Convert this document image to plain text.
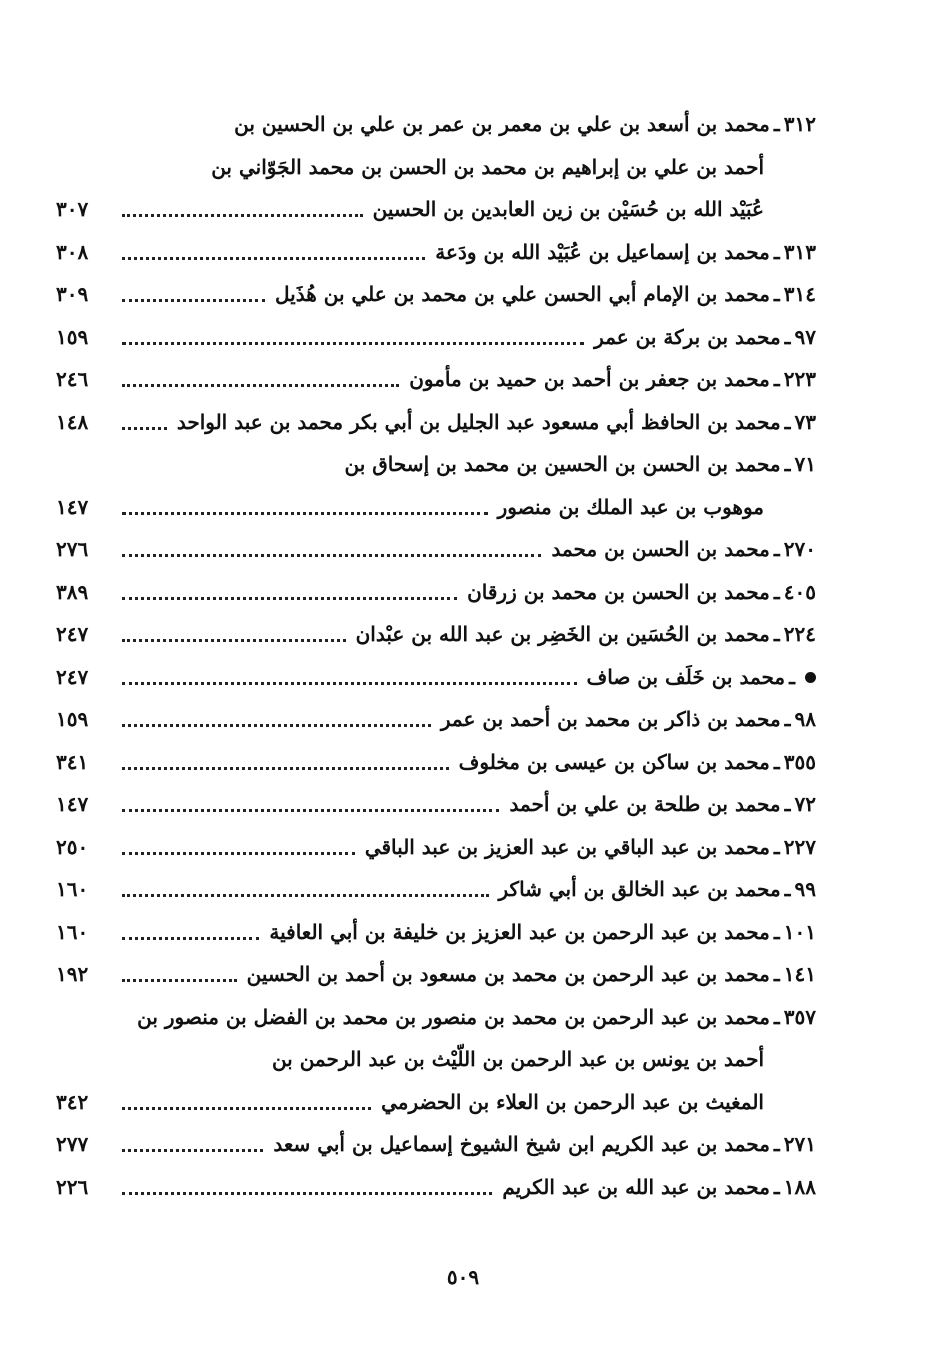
٣١٢
ـ
محمد بن أسعد بن علي بن معمر بن عمر بن علي بن الحسين بن
أحمد بن علي بن إبراهيم بن محمد بن الحسن بن محمد الجَوّاني بن
عُبَيْد الله بن حُسَيْن بن زين العابدين بن الحسين
٣٠٧
٣١٣
ـ
محمد بن إسماعيل بن عُبَيْد الله بن ودَعة
٣٠٨
٣١٤
ـ
محمد بن الإمام أبي الحسن علي بن محمد بن علي بن هُذَيل
٣٠٩
٩٧
ـ
محمد بن بركة بن عمر
١٥٩
٢٢٣
ـ
محمد بن جعفر بن أحمد بن حميد بن مأمون
٢٤٦
٧٣
ـ
محمد بن الحافظ أبي مسعود عبد الجليل بن أبي بكر محمد بن عبد الواحد
١٤٨
٧١
ـ
محمد بن الحسن بن الحسين بن محمد بن إسحاق بن
موهوب بن عبد الملك بن منصور
١٤٧
٢٧٠
ـ
محمد بن الحسن بن محمد
٢٧٦
٤٠٥
ـ
محمد بن الحسن بن محمد بن زرقان
٣٨٩
٢٢٤
ـ
محمد بن الحُسَين بن الخَضِر بن عبد الله بن عبْدان
٢٤٧
ـ
محمد بن خَلَف بن صاف
٢٤٧
٩٨
ـ
محمد بن ذاكر بن محمد بن أحمد بن عمر
١٥٩
٣٥٥
ـ
محمد بن ساكن بن عيسى بن مخلوف
٣٤١
٧٢
ـ
محمد بن طلحة بن علي بن أحمد
١٤٧
٢٢٧
ـ
محمد بن عبد الباقي بن عبد العزيز بن عبد الباقي
٢٥٠
٩٩
ـ
محمد بن عبد الخالق بن أبي شاكر
١٦٠
١٠١
ـ
محمد بن عبد الرحمن بن عبد العزيز بن خليفة بن أبي العافية
١٦٠
١٤١
ـ
محمد بن عبد الرحمن بن محمد بن مسعود بن أحمد بن الحسين
١٩٢
٣٥٧
ـ
محمد بن عبد الرحمن بن محمد بن منصور بن محمد بن الفضل بن منصور بن
أحمد بن يونس بن عبد الرحمن بن اللّيْث بن عبد الرحمن بن
المغيث بن عبد الرحمن بن العلاء بن الحضرمي
٣٤٢
٢٧١
ـ
محمد بن عبد الكريم ابن شيخ الشيوخ إسماعيل بن أبي سعد
٢٧٧
١٨٨
ـ
محمد بن عبد الله بن عبد الكريم
٢٢٦
٥٠٩
